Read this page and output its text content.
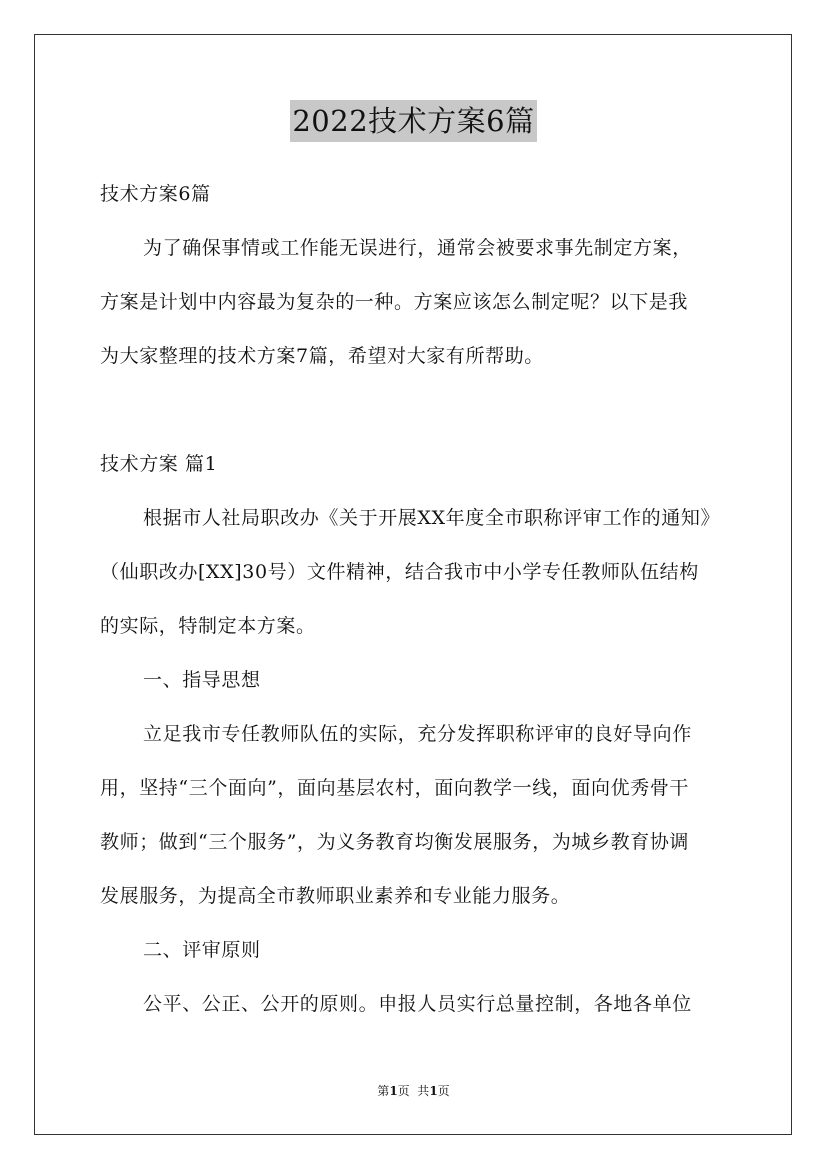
2022技术方案6篇
技术方案6篇
为了确保事情或工作能无误进行，通常会被要求事先制定方案，
方案是计划中内容最为复杂的一种。方案应该怎么制定呢？以下是我
为大家整理的技术方案7篇，希望对大家有所帮助。
技术方案 篇1
根据市人社局职改办《关于开展XX年度全市职称评审工作的通知》
（仙职改办[XX]30号）文件精神，结合我市中小学专任教师队伍结构
的实际，特制定本方案。
一、指导思想
立足我市专任教师队伍的实际，充分发挥职称评审的良好导向作
用，坚持“三个面向”，面向基层农村，面向教学一线，面向优秀骨干
教师；做到“三个服务”，为义务教育均衡发展服务，为城乡教育协调
发展服务，为提高全市教师职业素养和专业能力服务。
二、评审原则
公平、公正、公开的原则。申报人员实行总量控制，各地各单位
第1页  共1页
